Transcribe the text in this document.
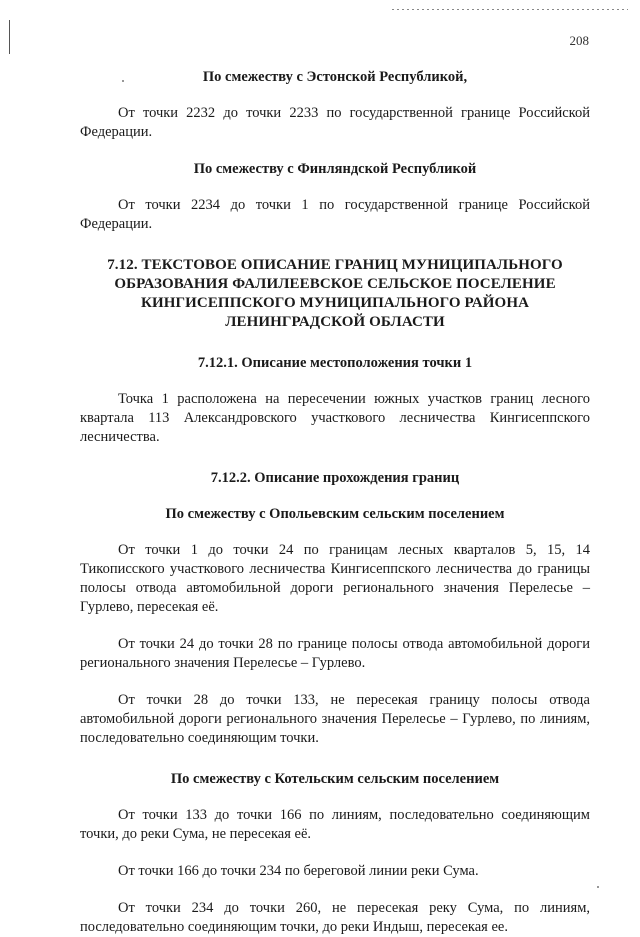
208

По смежеству с Эстонской Республикой,

От точки 2232 до точки 2233 по государственной границе Российской Федерации.

По смежеству с Финляндской Республикой

От точки 2234 до точки 1 по государственной границе Российской Федерации.

7.12. ТЕКСТОВОЕ ОПИСАНИЕ ГРАНИЦ МУНИЦИПАЛЬНОГО ОБРАЗОВАНИЯ ФАЛИЛЕЕВСКОЕ СЕЛЬСКОЕ ПОСЕЛЕНИЕ КИНГИСЕППСКОГО МУНИЦИПАЛЬНОГО РАЙОНА ЛЕНИНГРАДСКОЙ ОБЛАСТИ

7.12.1. Описание местоположения точки 1

Точка 1 расположена на пересечении южных участков границ лесного квартала 113 Александровского участкового лесничества Кингисеппского лесничества.

7.12.2. Описание прохождения границ

По смежеству с Опольевским сельским поселением

От точки 1 до точки 24 по границам лесных кварталов 5, 15, 14 Тикописского участкового лесничества Кингисеппского лесничества до границы полосы отвода автомобильной дороги регионального значения Перелесье – Гурлево, пересекая её.

От точки 24 до точки 28 по границе полосы отвода автомобильной дороги регионального значения Перелесье – Гурлево.

От точки 28 до точки 133, не пересекая границу полосы отвода автомобильной дороги регионального значения Перелесье – Гурлево, по линиям, последовательно соединяющим точки.

По смежеству с Котельским сельским поселением

От точки 133 до точки 166 по линиям, последовательно соединяющим точки, до реки Сума, не пересекая её.

От точки 166 до точки 234 по береговой линии реки Сума.

От точки 234 до точки 260, не пересекая реку Сума, по линиям, последовательно соединяющим точки, до реки Индыш, пересекая ее.
